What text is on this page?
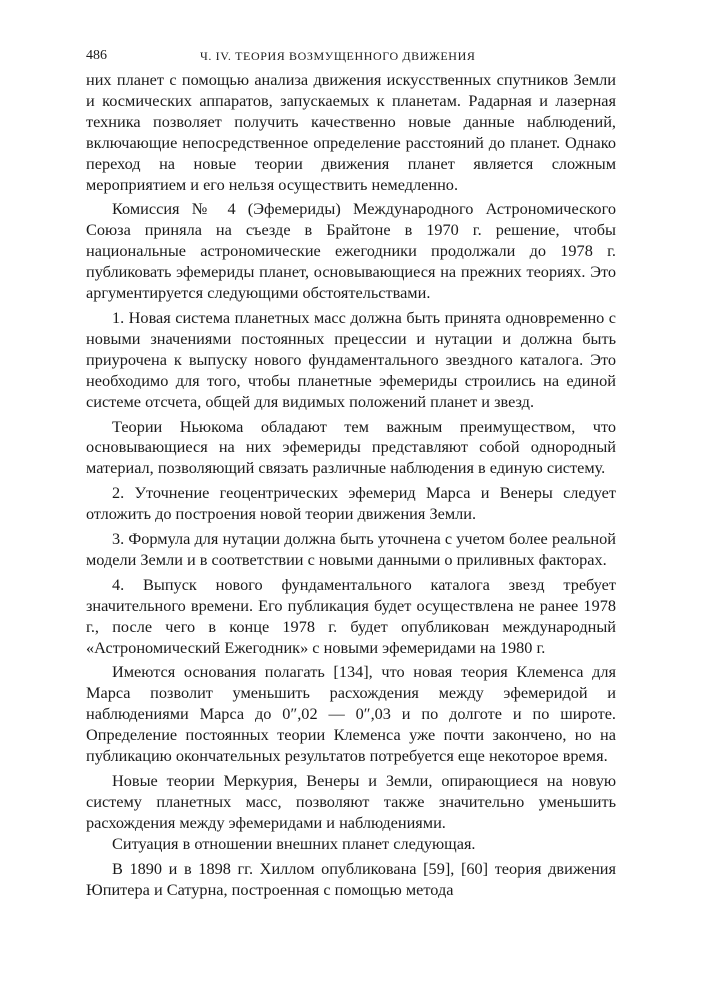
486	Ч. IV. ТЕОРИЯ ВОЗМУЩЕННОГО ДВИЖЕНИЯ

них планет с помощью анализа движения искусственных спутников Земли и космических аппаратов, запускаемых к планетам. Радарная и лазерная техника позволяет получить качественно новые данные наблюдений, включающие непосредственное определение расстояний до планет. Однако переход на новые теории движения планет является сложным мероприятием и его нельзя осуществить немедленно.

Комиссия № 4 (Эфемериды) Международного Астрономического Союза приняла на съезде в Брайтоне в 1970 г. решение, чтобы национальные астрономические ежегодники продолжали до 1978 г. публиковать эфемериды планет, основывающиеся на прежних теориях. Это аргументируется следующими обстоятельствами.

1. Новая система планетных масс должна быть принята одновременно с новыми значениями постоянных прецессии и нутации и должна быть приурочена к выпуску нового фундаментального звездного каталога. Это необходимо для того, чтобы планетные эфемериды строились на единой системе отсчета, общей для видимых положений планет и звезд.

Теории Ньюкома обладают тем важным преимуществом, что основывающиеся на них эфемериды представляют собой однородный материал, позволяющий связать различные наблюдения в единую систему.

2. Уточнение геоцентрических эфемерид Марса и Венеры следует отложить до построения новой теории движения Земли.

3. Формула для нутации должна быть уточнена с учетом более реальной модели Земли и в соответствии с новыми данными о приливных факторах.

4. Выпуск нового фундаментального каталога звезд требует значительного времени. Его публикация будет осуществлена не ранее 1978 г., после чего в конце 1978 г. будет опубликован международный «Астрономический Ежегодник» с новыми эфемеридами на 1980 г.

Имеются основания полагать [134], что новая теория Клеменса для Марса позволит уменьшить расхождения между эфемеридой и наблюдениями Марса до 0″,02 — 0″,03 и по долготе и по широте. Определение постоянных теории Клеменса уже почти закончено, но на публикацию окончательных результатов потребуется еще некоторое время.

Новые теории Меркурия, Венеры и Земли, опирающиеся на новую систему планетных масс, позволяют также значительно уменьшить расхождения между эфемеридами и наблюдениями.

Ситуация в отношении внешних планет следующая.

В 1890 и в 1898 гг. Хиллом опубликована [59], [60] теория движения Юпитера и Сатурна, построенная с помощью метода
